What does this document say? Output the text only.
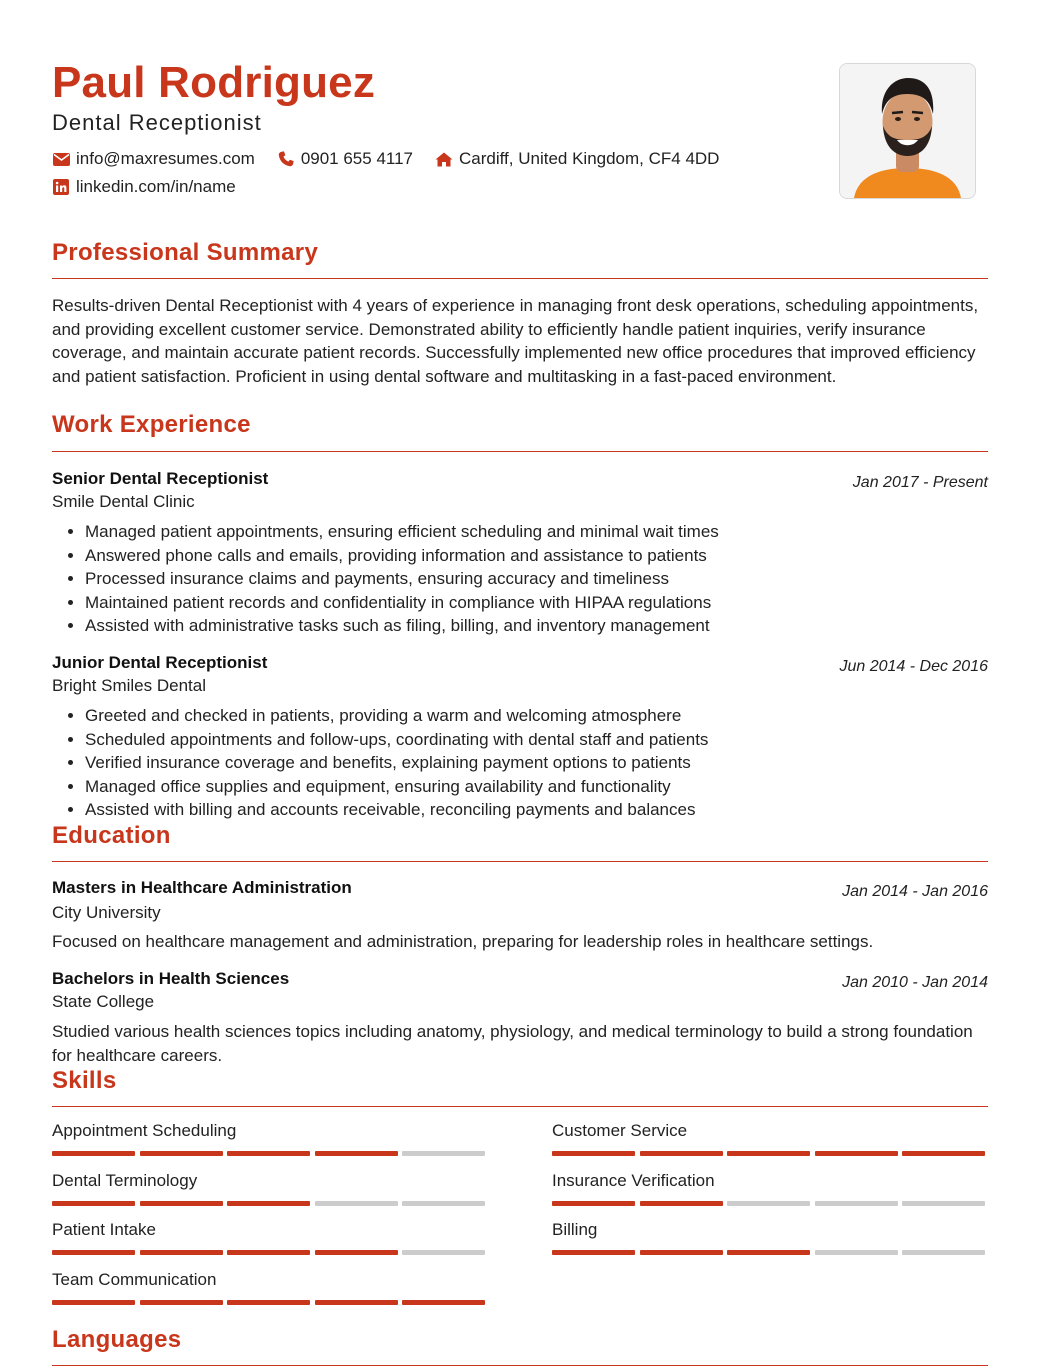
Paul Rodriguez
Dental Receptionist
info@maxresumes.com	0901 655 4117	Cardiff, United Kingdom, CF4 4DD
linkedin.com/in/name
Professional Summary
Results-driven Dental Receptionist with 4 years of experience in managing front desk operations, scheduling appointments, and providing excellent customer service. Demonstrated ability to efficiently handle patient inquiries, verify insurance coverage, and maintain accurate patient records. Successfully implemented new office procedures that improved efficiency and patient satisfaction. Proficient in using dental software and multitasking in a fast-paced environment.
Work Experience
Senior Dental Receptionist	Jan 2017 - Present
Smile Dental Clinic
• Managed patient appointments, ensuring efficient scheduling and minimal wait times
• Answered phone calls and emails, providing information and assistance to patients
• Processed insurance claims and payments, ensuring accuracy and timeliness
• Maintained patient records and confidentiality in compliance with HIPAA regulations
• Assisted with administrative tasks such as filing, billing, and inventory management
Junior Dental Receptionist	Jun 2014 - Dec 2016
Bright Smiles Dental
• Greeted and checked in patients, providing a warm and welcoming atmosphere
• Scheduled appointments and follow-ups, coordinating with dental staff and patients
• Verified insurance coverage and benefits, explaining payment options to patients
• Managed office supplies and equipment, ensuring availability and functionality
• Assisted with billing and accounts receivable, reconciling payments and balances
Education
Masters in Healthcare Administration	Jan 2014 - Jan 2016
City University
Focused on healthcare management and administration, preparing for leadership roles in healthcare settings.
Bachelors in Health Sciences	Jan 2010 - Jan 2014
State College
Studied various health sciences topics including anatomy, physiology, and medical terminology to build a strong foundation for healthcare careers.
Skills
Appointment Scheduling	Customer Service
Dental Terminology	Insurance Verification
Patient Intake	Billing
Team Communication
Languages
